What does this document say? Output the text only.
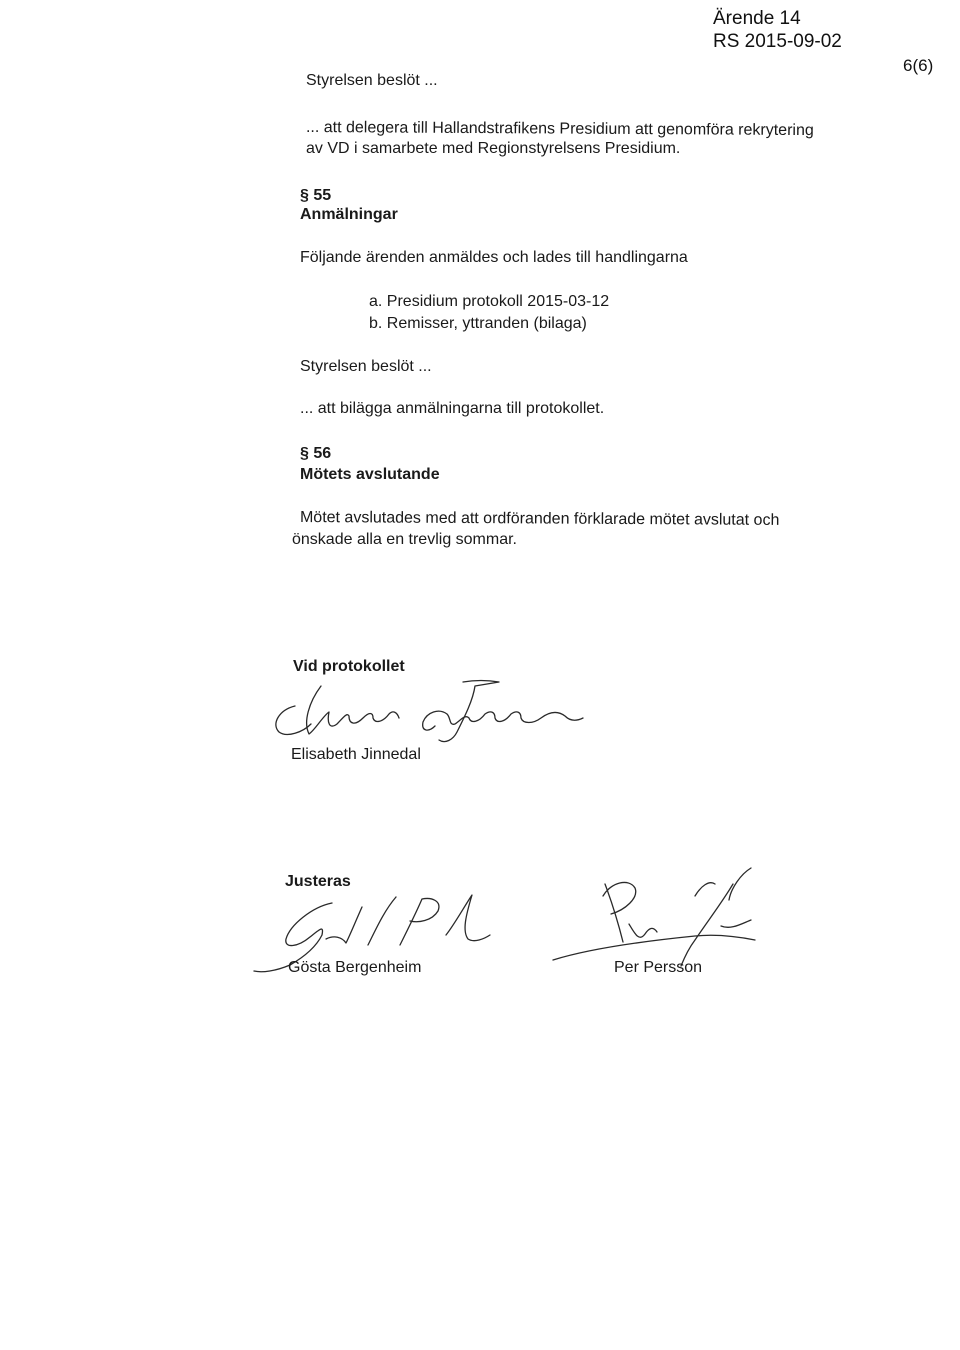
Ärende 14
RS 2015-09-02
6(6)
Styrelsen beslöt ...
... att delegera till Hallandstrafikens Presidium att genomföra rekrytering
av VD i samarbete med Regionstyrelsens Presidium.
§ 55
Anmälningar
Följande ärenden anmäldes och lades till handlingarna
a. Presidium protokoll 2015-03-12
b. Remisser, yttranden (bilaga)
Styrelsen beslöt ...
... att bilägga anmälningarna till protokollet.
§ 56
Mötets avslutande
Mötet avslutades med att ordföranden förklarade mötet avslutat och
önskade alla en trevlig sommar.
Vid protokollet
Elisabeth Jinnedal
Justeras
Gösta Bergenheim	Per Persson
